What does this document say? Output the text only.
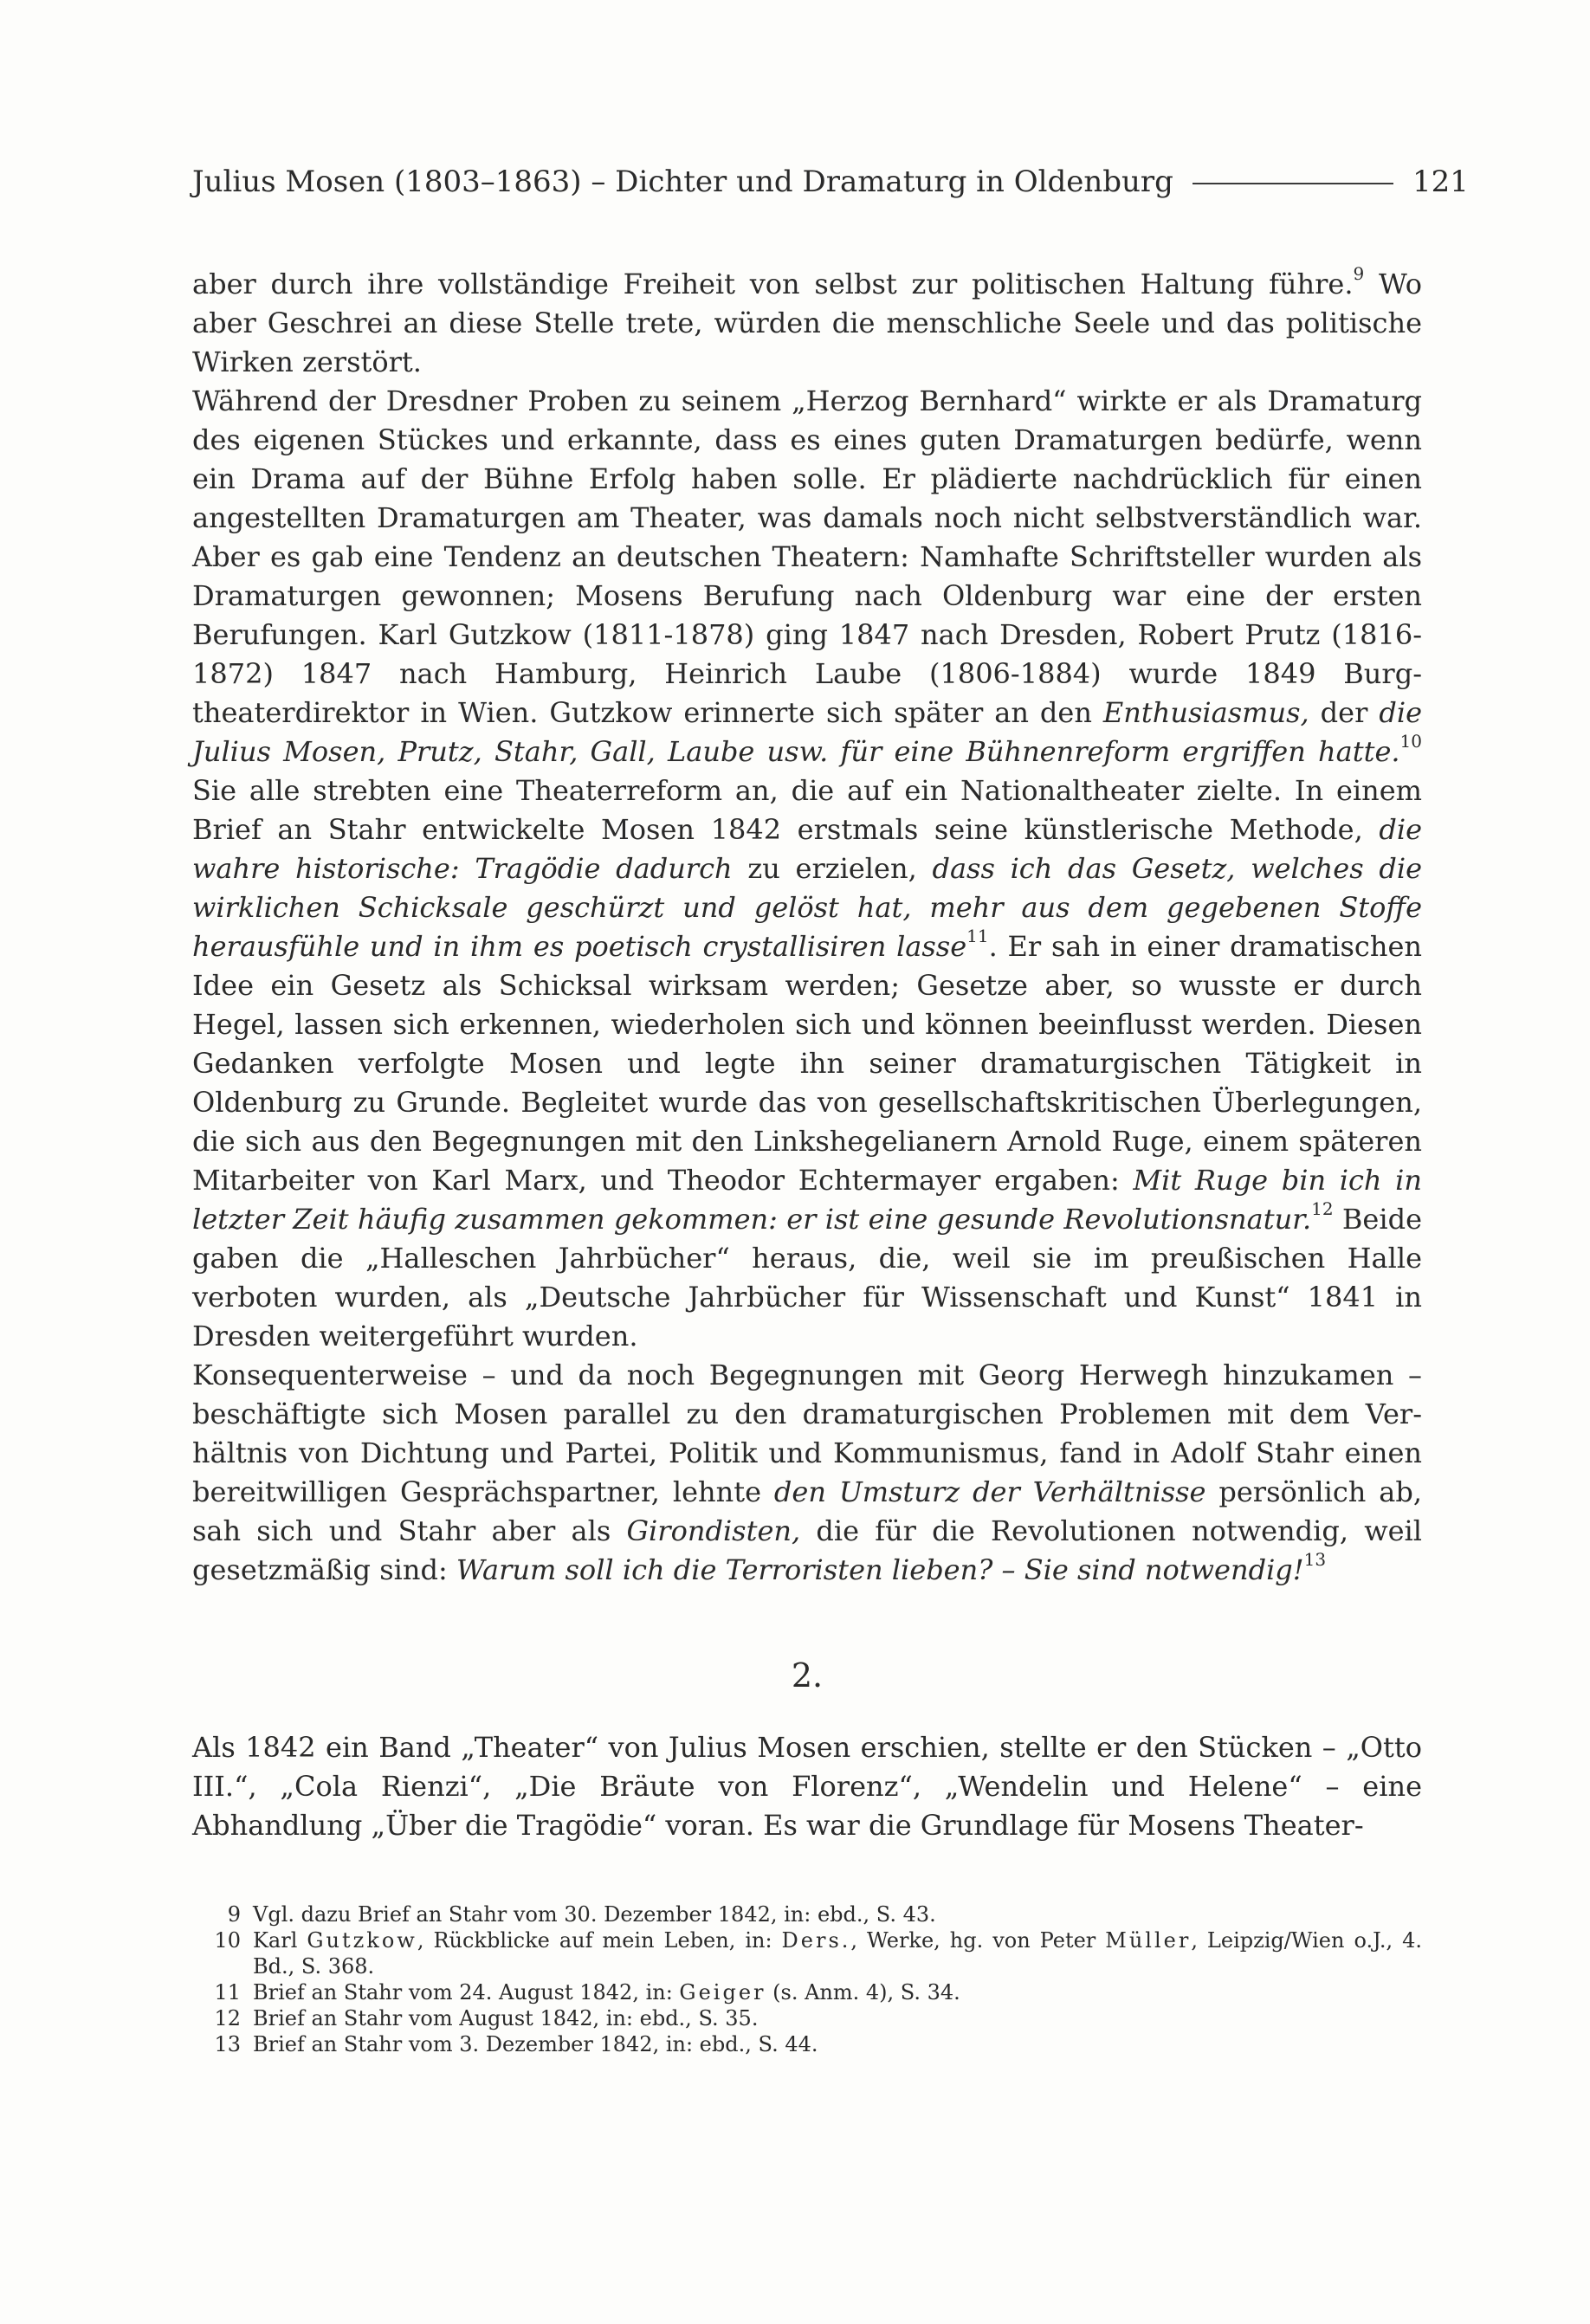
Julius Mosen (1803–1863) – Dichter und Dramaturg in Oldenburg	121

aber durch ihre vollständige Freiheit von selbst zur politischen Haltung führe.$^9$ Wo aber Geschrei an diese Stelle trete, würden die menschliche Seele und das politische Wirken zerstört.

Während der Dresdner Proben zu seinem „Herzog Bernhard“ wirkte er als Dramaturg des eigenen Stückes und erkannte, dass es eines guten Dramaturgen bedürfe, wenn ein Drama auf der Bühne Erfolg haben solle. Er plädierte nachdrücklich für einen angestellten Dramaturgen am Theater, was damals noch nicht selbstverständlich war. Aber es gab eine Tendenz an deutschen Theatern: Namhafte Schriftsteller wurden als Dramaturgen gewonnen; Mosens Berufung nach Oldenburg war eine der ersten Berufungen. Karl Gutzkow (1811-1878) ging 1847 nach Dresden, Robert Prutz (1816-1872) 1847 nach Hamburg, Heinrich Laube (1806-1884) wurde 1849 Burgtheaterdirektor in Wien. Gutzkow erinnerte sich später an den Enthusiasmus, der die Julius Mosen, Prutz, Stahr, Gall, Laube usw. für eine Bühnenreform ergriffen hatte.$^{10}$ Sie alle strebten eine Theaterreform an, die auf ein Nationaltheater zielte. In einem Brief an Stahr entwickelte Mosen 1842 erstmals seine künstlerische Methode, die wahre historische: Tragödie dadurch zu erzielen, dass ich das Gesetz, welches die wirklichen Schicksale geschürzt und gelöst hat, mehr aus dem gegebenen Stoffe herausfühle und in ihm es poetisch crystallisiren lasse$^{11}$. Er sah in einer dramatischen Idee ein Gesetz als Schicksal wirksam werden; Gesetze aber, so wusste er durch Hegel, lassen sich erkennen, wiederholen sich und können beeinflusst werden. Diesen Gedanken verfolgte Mosen und legte ihn seiner dramaturgischen Tätigkeit in Oldenburg zu Grunde. Begleitet wurde das von gesellschaftskritischen Überlegungen, die sich aus den Begegnungen mit den Linkshegelianern Arnold Ruge, einem späteren Mitarbeiter von Karl Marx, und Theodor Echtermayer ergaben: Mit Ruge bin ich in letzter Zeit häufig zusammen gekommen: er ist eine gesunde Revolutionsnatur.$^{12}$ Beide gaben die „Halleschen Jahrbücher“ heraus, die, weil sie im preußischen Halle verboten wurden, als „Deutsche Jahrbücher für Wissenschaft und Kunst“ 1841 in Dresden weitergeführt wurden.

Konsequenterweise – und da noch Begegnungen mit Georg Herwegh hinzukamen – beschäftigte sich Mosen parallel zu den dramaturgischen Problemen mit dem Verhältnis von Dichtung und Partei, Politik und Kommunismus, fand in Adolf Stahr einen bereitwilligen Gesprächspartner, lehnte den Umsturz der Verhältnisse persönlich ab, sah sich und Stahr aber als Girondisten, die für die Revolutionen notwendig, weil gesetzmäßig sind: Warum soll ich die Terroristen lieben? – Sie sind notwendig!$^{13}$

2.

Als 1842 ein Band „Theater“ von Julius Mosen erschien, stellte er den Stücken – „Otto III.“, „Cola Rienzi“, „Die Bräute von Florenz“, „Wendelin und Helene“ – eine Abhandlung „Über die Tragödie“ voran. Es war die Grundlage für Mosens Theater-

9 Vgl. dazu Brief an Stahr vom 30. Dezember 1842, in: ebd., S. 43.
10 Karl Gutzkow, Rückblicke auf mein Leben, in: Ders., Werke, hg. von Peter Müller, Leipzig/Wien o.J., 4. Bd., S. 368.
11 Brief an Stahr vom 24. August 1842, in: Geiger (s. Anm. 4), S. 34.
12 Brief an Stahr vom August 1842, in: ebd., S. 35.
13 Brief an Stahr vom 3. Dezember 1842, in: ebd., S. 44.
